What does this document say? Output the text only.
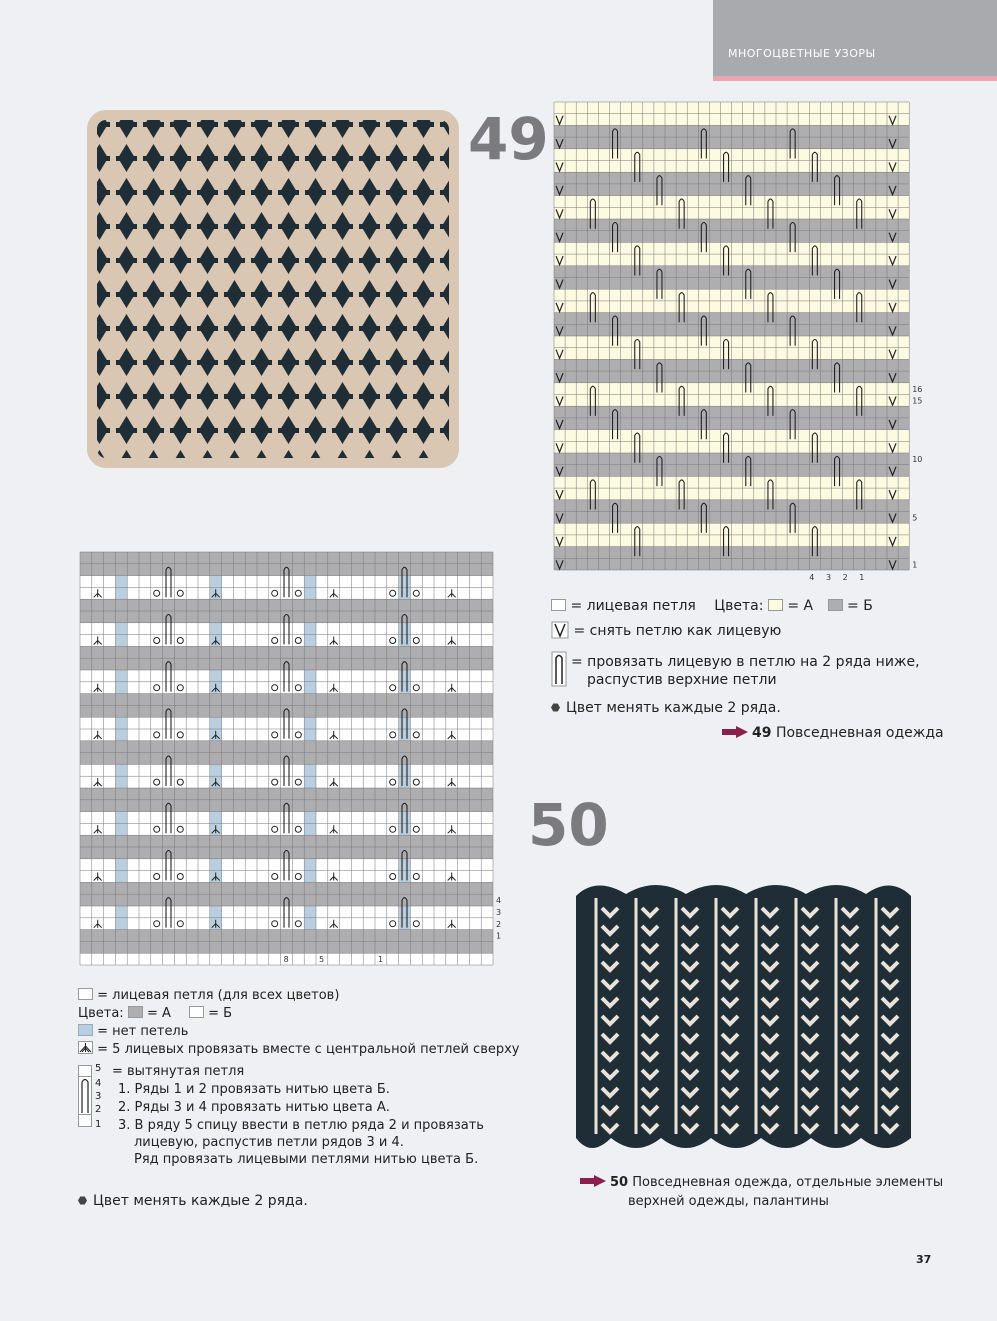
МНОГОЦВЕТНЫЕ УЗОРЫ
49
16
15
10
5
1
4 3 2 1
= лицевая петля Цвета: = А = Б
= снять петлю как лицевую
= провязать лицевую в петлю на 2 ряда ниже,
распустив верхние петли
Цвет менять каждые 2 ряда.
49 Повседневная одежда
50
4
3
2
1
8	5	1
= лицевая петля (для всех цветов)
Цвета: = А	= Б
= нет петель
= 5 лицевых провязать вместе с центральной петлей сверху
5
4
3
2
1
= вытянутая петля
1. Ряды 1 и 2 провязать нитью цвета Б.
2. Ряды 3 и 4 провязать нитью цвета А.
3. В ряду 5 спицу ввести в петлю ряда 2 и провязать
лицевую, распустив петли рядов 3 и 4.
Ряд провязать лицевыми петлями нитью цвета Б.
Цвет менять каждые 2 ряда.
50 Повседневная одежда, отдельные элементы
верхней одежды, палантины
37
